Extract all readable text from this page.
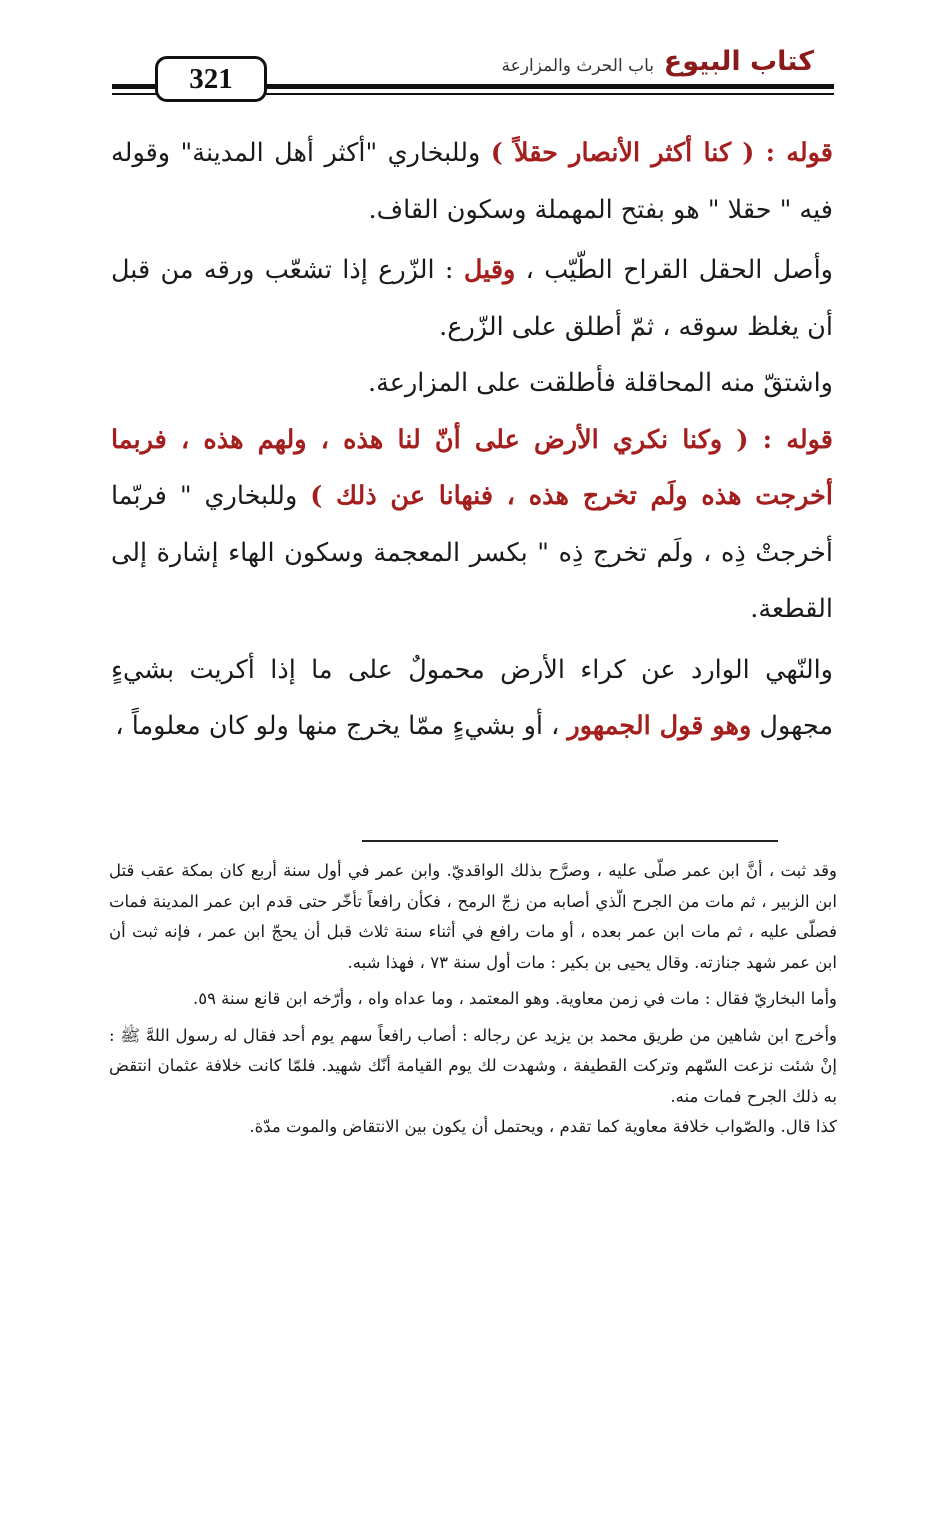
كتاب البيوع
باب الحرث والمزارعة
321

قوله : ( كنا أكثر الأنصار حقلاً ) وللبخاري "أكثر أهل المدينة" وقوله فيه " حقلا " هو بفتح المهملة وسكون القاف.

وأصل الحقل القراح الطّيّب ، وقيل : الزّرع إذا تشعّب ورقه من قبل أن يغلظ سوقه ، ثمّ أطلق على الزّرع.

واشتقّ منه المحاقلة فأطلقت على المزارعة.

قوله : ( وكنا نكري الأرض على أنّ لنا هذه ، ولهم هذه ، فربما أخرجت هذه ولَم تخرج هذه ، فنهانا عن ذلك ) وللبخاري " فربّما أخرجتْ ذِه ، ولَم تخرج ذِه " بكسر المعجمة وسكون الهاء إشارة إلى القطعة.

والنّهي الوارد عن كراء الأرض محمولٌ على ما إذا أكريت بشيءٍ مجهول وهو قول الجمهور ، أو بشيءٍ ممّا يخرج منها ولو كان معلوماً ،

وقد ثبت ، أنَّ ابن عمر صلّى عليه ، وصرَّح بذلك الواقديّ. وابن عمر في أول سنة أربع كان بمكة عقب قتل ابن الزبير ، ثم مات من الجرح الّذي أصابه من زجّ الرمح ، فكأن رافعاً تأخّر حتى قدم ابن عمر المدينة فمات فصلّى عليه ، ثم مات ابن عمر بعده ، أو مات رافع في أثناء سنة ثلاث قبل أن يحجّ ابن عمر ، فإنه ثبت أن ابن عمر شهد جنازته. وقال يحيى بن بكير : مات أول سنة ٧٣ ، فهذا شبه.

وأما البخاريّ فقال : مات في زمن معاوية. وهو المعتمد ، وما عداه واه ، وأرّخه ابن قانع سنة ٥٩.

وأخرج ابن شاهين من طريق محمد بن يزيد عن رجاله : أصاب رافعاً سهم يوم أحد فقال له رسول اللهَّ ﷺ : إنْ شئت نزعت السّهم وتركت القطيفة ، وشهدت لك يوم القيامة أنّك شهيد. فلمّا كانت خلافة عثمان انتقض به ذلك الجرح فمات منه.

كذا قال. والصّواب خلافة معاوية كما تقدم ، ويحتمل أن يكون بين الانتقاض والموت مدّة.
